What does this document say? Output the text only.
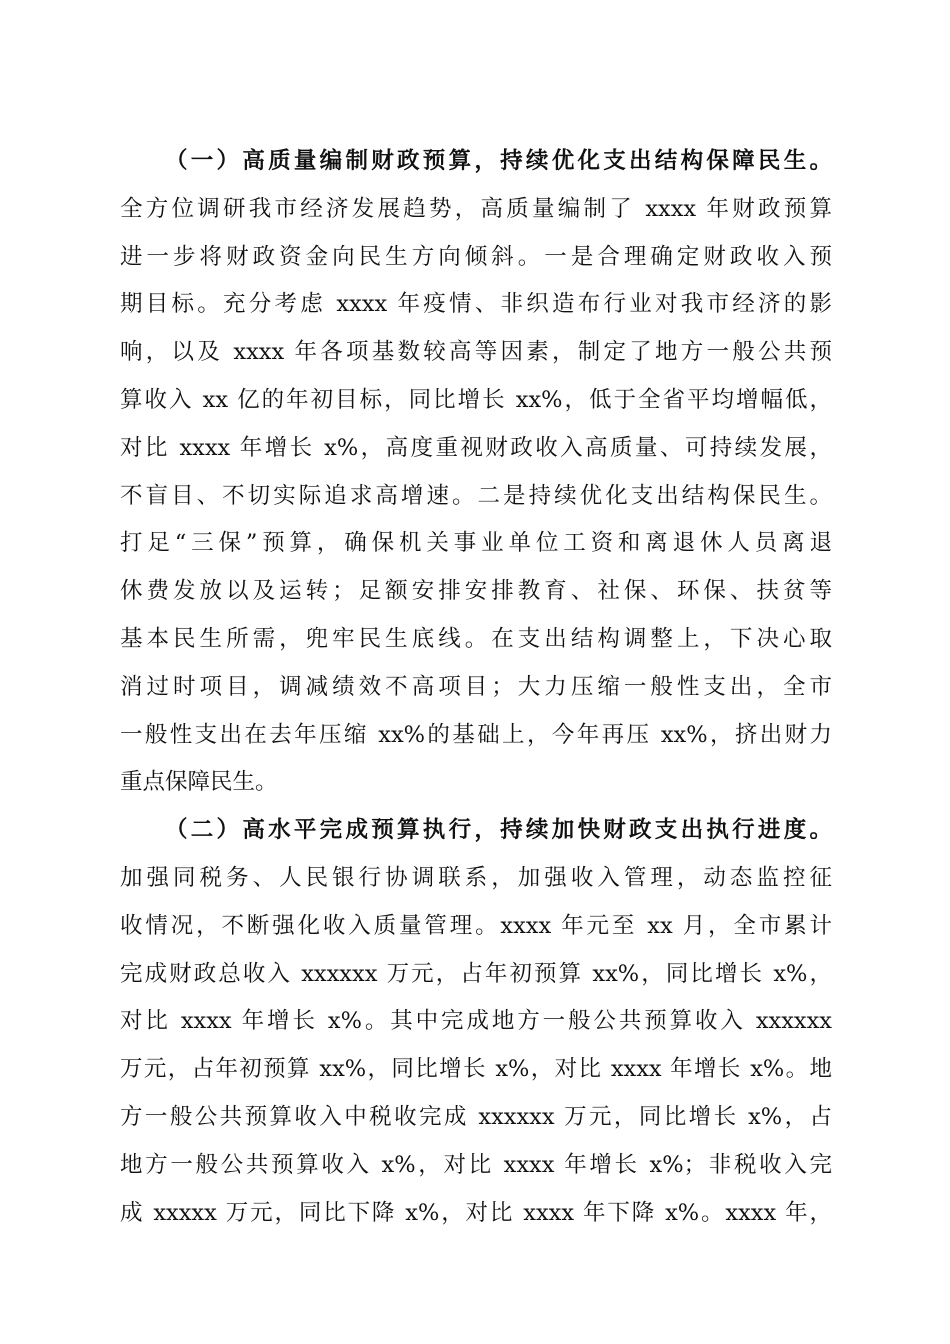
（一）高质量编制财政预算，持续优化支出结构保障民生。
全方位调研我市经济发展趋势，高质量编制了 xxxx 年财政预算
进一步将财政资金向民生方向倾斜。一是合理确定财政收入预
期目标。充分考虑 xxxx 年疫情、非织造布行业对我市经济的影
响，以及 xxxx 年各项基数较高等因素，制定了地方一般公共预
算收入 xx 亿的年初目标，同比增长 xx%，低于全省平均增幅低，
对比 xxxx 年增长 x%，高度重视财政收入高质量、可持续发展，
不盲目、不切实际追求高增速。二是持续优化支出结构保民生。
打足“三保”预算，确保机关事业单位工资和离退休人员离退
休费发放以及运转；足额安排安排教育、社保、环保、扶贫等
基本民生所需，兜牢民生底线。在支出结构调整上，下决心取
消过时项目，调减绩效不高项目；大力压缩一般性支出，全市
一般性支出在去年压缩 xx%的基础上，今年再压 xx%，挤出财力
重点保障民生。
（二）高水平完成预算执行，持续加快财政支出执行进度。
加强同税务、人民银行协调联系，加强收入管理，动态监控征
收情况，不断强化收入质量管理。xxxx 年元至 xx 月，全市累计
完成财政总收入 xxxxxx 万元，占年初预算 xx%，同比增长 x%，
对比 xxxx 年增长 x%。其中完成地方一般公共预算收入 xxxxxx
万元，占年初预算 xx%，同比增长 x%，对比 xxxx 年增长 x%。地
方一般公共预算收入中税收完成 xxxxxx 万元，同比增长 x%，占
地方一般公共预算收入 x%，对比 xxxx 年增长 x%；非税收入完
成 xxxxx 万元，同比下降 x%，对比 xxxx 年下降 x%。xxxx 年，
